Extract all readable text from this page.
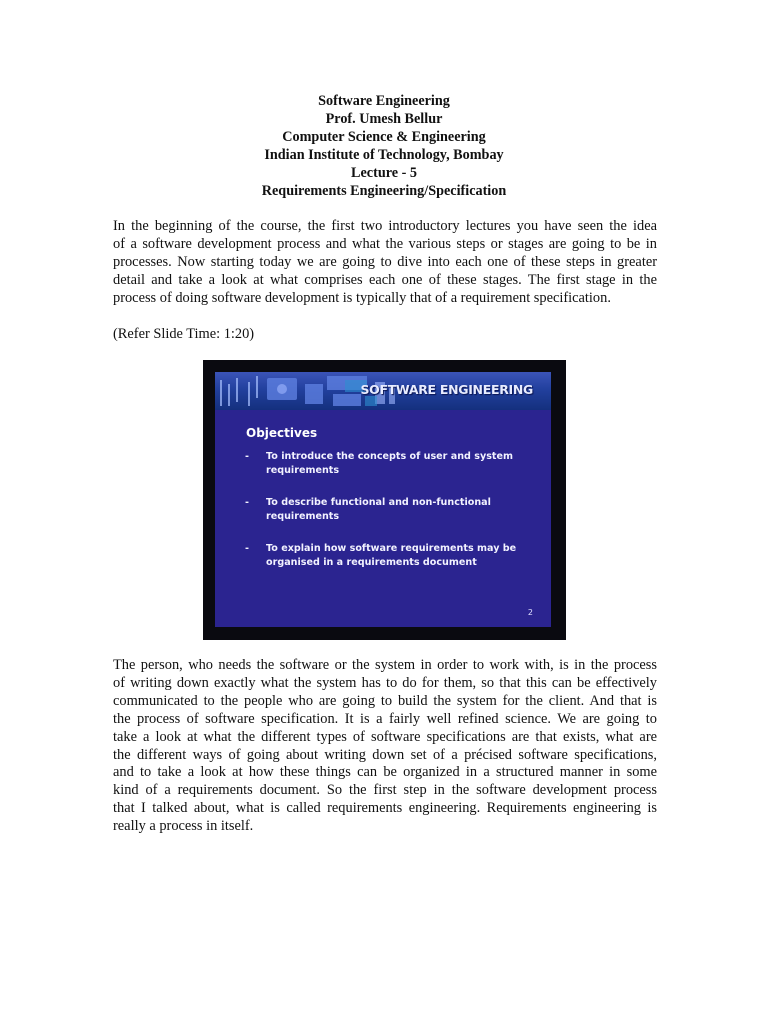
Software Engineering
Prof. Umesh Bellur
Computer Science & Engineering
Indian Institute of Technology, Bombay
Lecture - 5
Requirements Engineering/Specification
In the beginning of the course, the first two introductory lectures you have seen the idea
of a software development process and what the various steps or stages are going to be in
processes. Now starting today we are going to dive into each one of these steps in greater
detail and take a look at what comprises each one of these stages. The first stage in the
process of doing software development is typically that of a requirement specification.
(Refer Slide Time: 1:20)
SOFTWARE ENGINEERING
Objectives
- To introduce the concepts of user and system
requirements
- To describe functional and non-functional
requirements
- To explain how software requirements may be
organised in a requirements document
2
The person, who needs the software or the system in order to work with, is in the process
of writing down exactly what the system has to do for them, so that this can be effectively
communicated to the people who are going to build the system for the client. And that is
the process of software specification. It is a fairly well refined science. We are going to
take a look at what the different types of software specifications are that exists, what are
the different ways of going about writing down set of a précised software specifications,
and to take a look at how these things can be organized in a structured manner in some
kind of a requirements document. So the first step in the software development process
that I talked about, what is called requirements engineering. Requirements engineering is
really a process in itself.
